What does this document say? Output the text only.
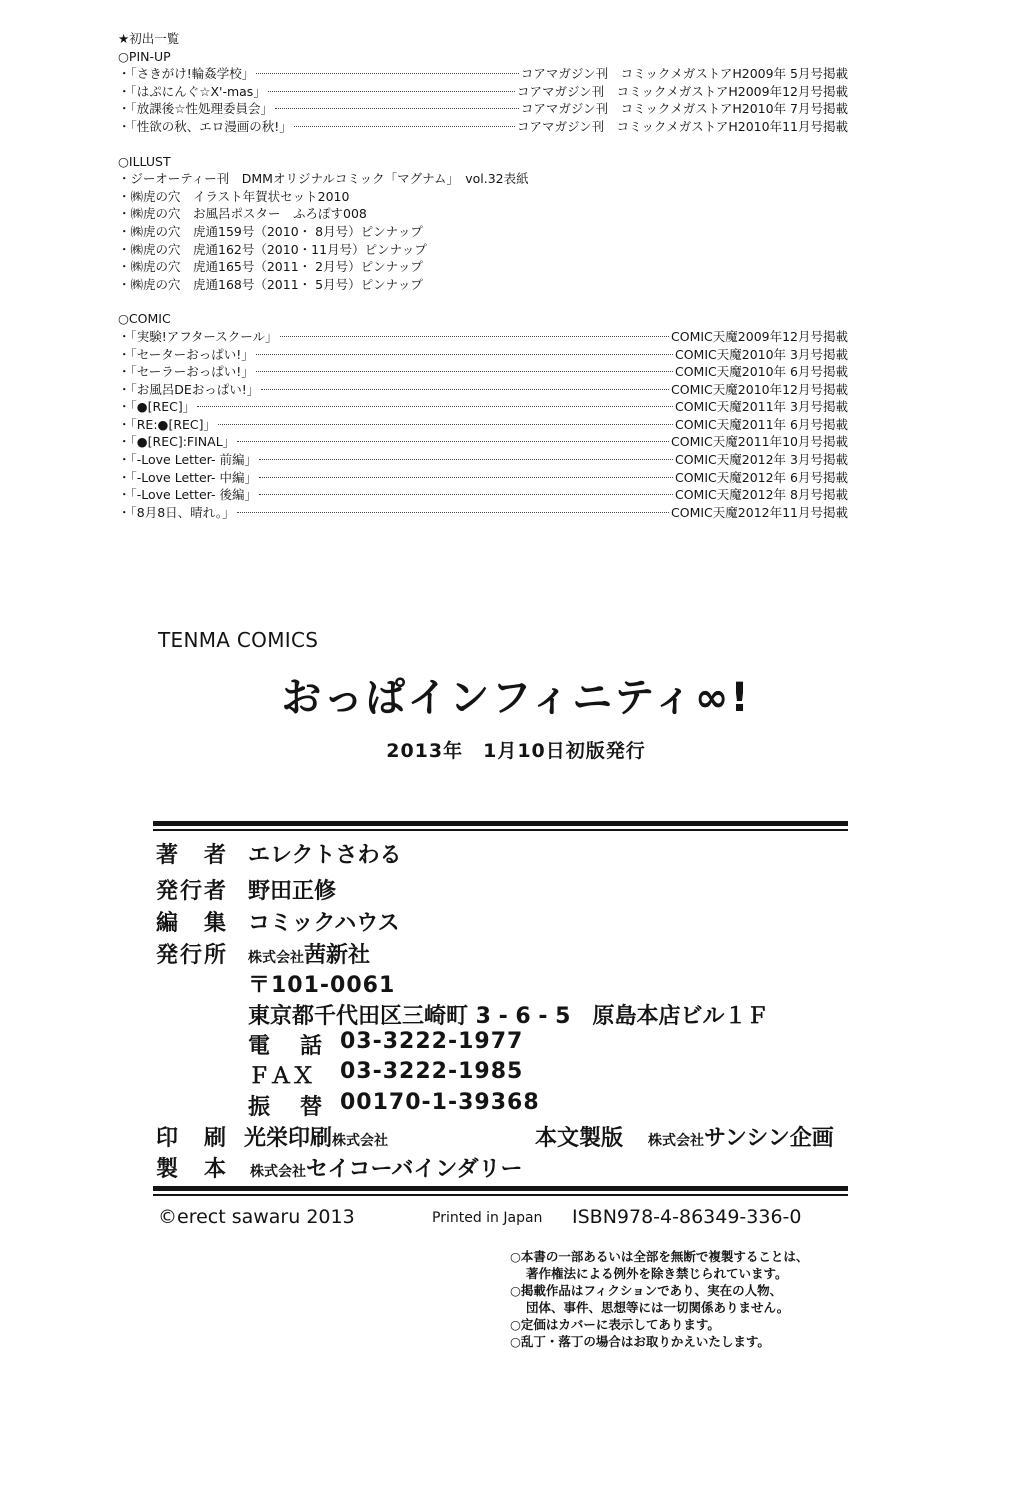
★初出一覧
○PIN-UP
・「さきがけ!輪姦学校」	コアマガジン刊　コミックメガストアH2009年 5月号掲載
・「はぷにんぐ☆X'-mas」	コアマガジン刊　コミックメガストアH2009年12月号掲載
・「放課後☆性処理委員会」	コアマガジン刊　コミックメガストアH2010年 7月号掲載
・「性欲の秋、エロ漫画の秋!」	コアマガジン刊　コミックメガストアH2010年11月号掲載
○ILLUST
・ジーオーティー刊　DMMオリジナルコミック「マグナム」　vol.32表紙
・㈱虎の穴　イラスト年賀状セット2010
・㈱虎の穴　お風呂ポスター　ふろぽす008
・㈱虎の穴　虎通159号（2010・ 8月号）ピンナップ
・㈱虎の穴　虎通162号（2010・11月号）ピンナップ
・㈱虎の穴　虎通165号（2011・ 2月号）ピンナップ
・㈱虎の穴　虎通168号（2011・ 5月号）ピンナップ
○COMIC
・「実験!アフタースクール」	COMIC天魔2009年12月号掲載
・「セーターおっぱい!」	COMIC天魔2010年 3月号掲載
・「セーラーおっぱい!」	COMIC天魔2010年 6月号掲載
・「お風呂DEおっぱい!」	COMIC天魔2010年12月号掲載
・「●[REC]」	COMIC天魔2011年 3月号掲載
・「RE:●[REC]」	COMIC天魔2011年 6月号掲載
・「●[REC]:FINAL」	COMIC天魔2011年10月号掲載
・「-Love Letter- 前編」	COMIC天魔2012年 3月号掲載
・「-Love Letter- 中編」	COMIC天魔2012年 6月号掲載
・「-Love Letter- 後編」	COMIC天魔2012年 8月号掲載
・「8月8日、晴れ。」	COMIC天魔2012年11月号掲載
TENMA COMICS
おっぱインフィニティ∞!
2013年　1月10日初版発行
著　者 エレクトさわる
発行者 野田正修
編　集 コミックハウス
発行所 株式会社茜新社
〒101-0061
東京都千代田区三崎町 3 - 6 - 5　原島本店ビル１Ｆ
電　話 03-3222-1977
ＦＡＸ 03-3222-1985
振　替 00170-1-39368
印　刷 光栄印刷株式会社	本文製版 株式会社サンシン企画
製　本 株式会社セイコーバインダリー
©erect sawaru 2013	Printed in Japan ISBN978-4-86349-336-0
○本書の一部あるいは全部を無断で複製することは、
著作権法による例外を除き禁じられています。
○掲載作品はフィクションであり、実在の人物、
団体、事件、思想等には一切関係ありません。
○定価はカバーに表示してあります。
○乱丁・落丁の場合はお取りかえいたします。
